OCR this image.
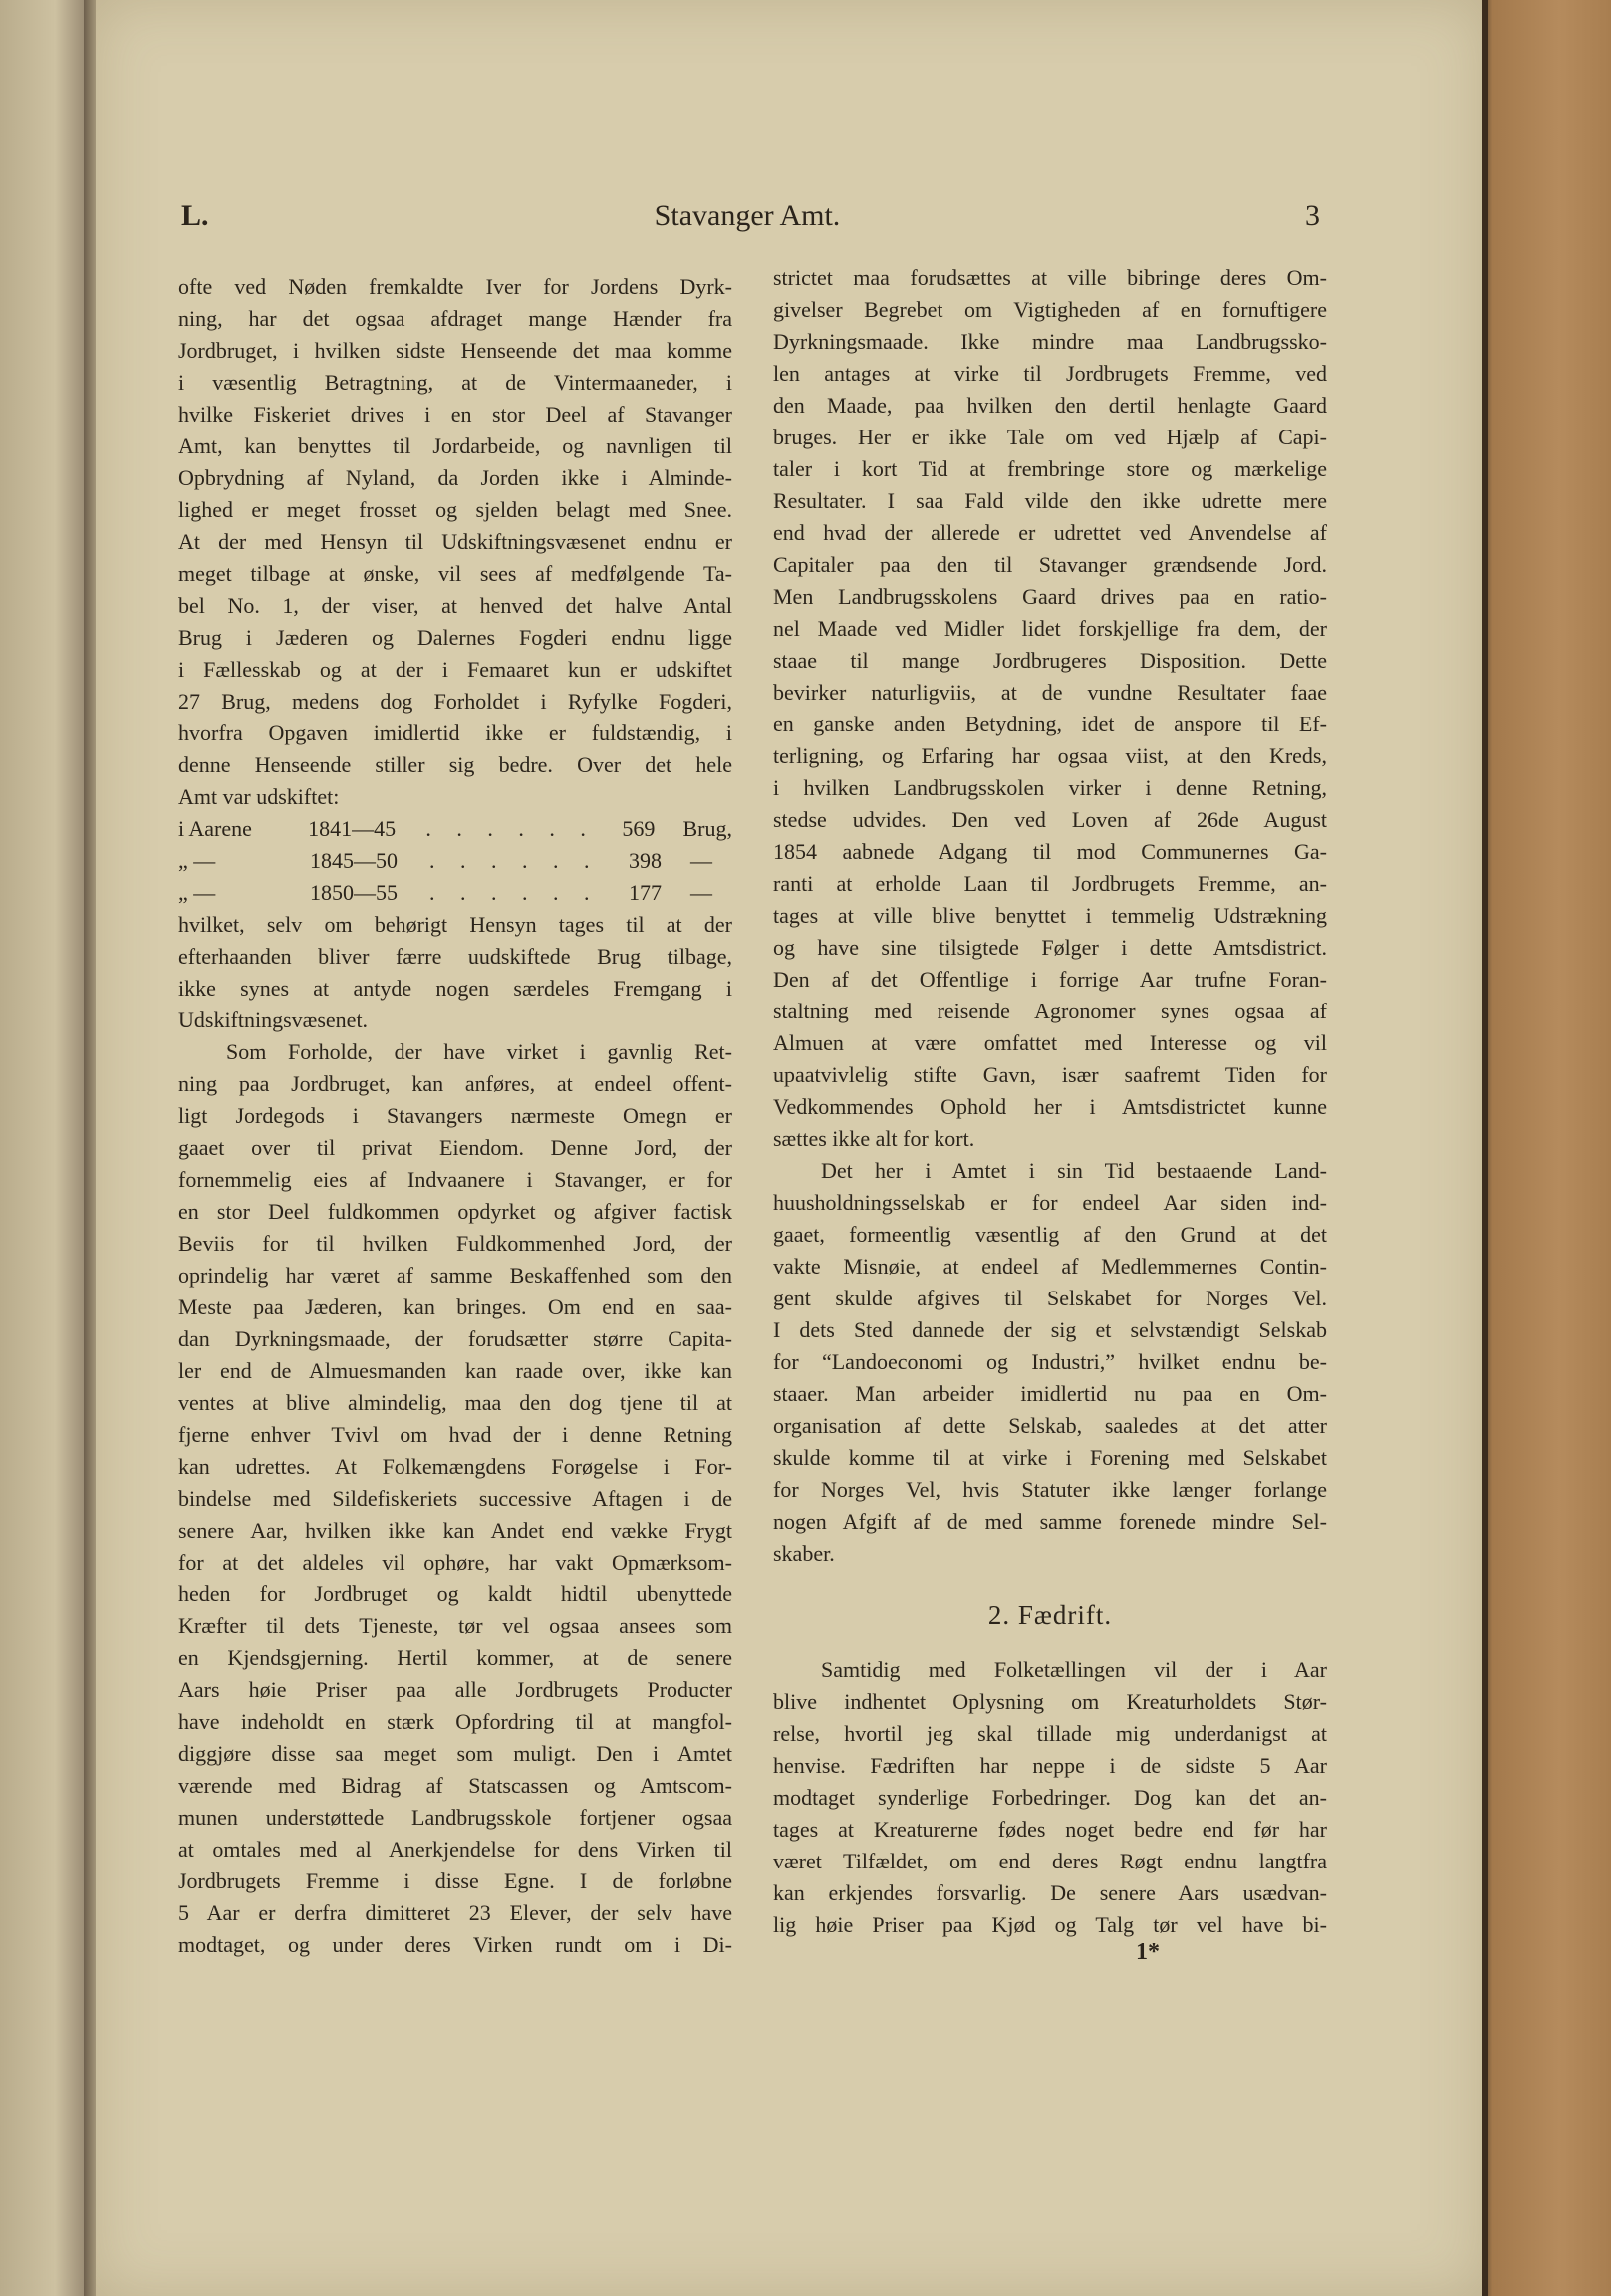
L.	Stavanger Amt.	3
ofte ved Nøden fremkaldte Iver for Jordens Dyrk-
ning, har det ogsaa afdraget mange Hænder fra
Jordbruget, i hvilken sidste Henseende det maa komme
i væsentlig Betragtning, at de Vintermaaneder, i
hvilke Fiskeriet drives i en stor Deel af Stavanger
Amt, kan benyttes til Jordarbeide, og navnligen til
Opbrydning af Nyland, da Jorden ikke i Alminde-
lighed er meget frosset og sjelden belagt med Snee.
At der med Hensyn til Udskiftningsvæsenet endnu er
meget tilbage at ønske, vil sees af medfølgende Ta-
bel No. 1, der viser, at henved det halve Antal
Brug i Jæderen og Dalernes Fogderi endnu ligge
i Fællesskab og at der i Femaaret kun er udskiftet
27 Brug, medens dog Forholdet i Ryfylke Fogderi,
hvorfra Opgaven imidlertid ikke er fuldstændig, i
denne Henseende stiller sig bedre. Over det hele
Amt var udskiftet:
i Aarene	1841—45	. . . . . .	569	Brug,
„ —	1845—50	. . . . . .	398	—
„ —	1850—55	. . . . . .	177	—
hvilket, selv om behørigt Hensyn tages til at der
efterhaanden bliver færre uudskiftede Brug tilbage,
ikke synes at antyde nogen særdeles Fremgang i
Udskiftningsvæsenet.
Som Forholde, der have virket i gavnlig Ret-
ning paa Jordbruget, kan anføres, at endeel offent-
ligt Jordegods i Stavangers nærmeste Omegn er
gaaet over til privat Eiendom. Denne Jord, der
fornemmelig eies af Indvaanere i Stavanger, er for
en stor Deel fuldkommen opdyrket og afgiver factisk
Beviis for til hvilken Fuldkommenhed Jord, der
oprindelig har været af samme Beskaffenhed som den
Meste paa Jæderen, kan bringes. Om end en saa-
dan Dyrkningsmaade, der forudsætter større Capita-
ler end de Almuesmanden kan raade over, ikke kan
ventes at blive almindelig, maa den dog tjene til at
fjerne enhver Tvivl om hvad der i denne Retning
kan udrettes. At Folkemængdens Forøgelse i For-
bindelse med Sildefiskeriets successive Aftagen i de
senere Aar, hvilken ikke kan Andet end vække Frygt
for at det aldeles vil ophøre, har vakt Opmærksom-
heden for Jordbruget og kaldt hidtil ubenyttede
Kræfter til dets Tjeneste, tør vel ogsaa ansees som
en Kjendsgjerning. Hertil kommer, at de senere
Aars høie Priser paa alle Jordbrugets Producter
have indeholdt en stærk Opfordring til at mangfol-
diggjøre disse saa meget som muligt. Den i Amtet
værende med Bidrag af Statscassen og Amtscom-
munen understøttede Landbrugsskole fortjener ogsaa
at omtales med al Anerkjendelse for dens Virken til
Jordbrugets Fremme i disse Egne. I de forløbne
5 Aar er derfra dimitteret 23 Elever, der selv have
modtaget, og under deres Virken rundt om i Di-
strictet maa forudsættes at ville bibringe deres Om-
givelser Begrebet om Vigtigheden af en fornuftigere
Dyrkningsmaade. Ikke mindre maa Landbrugssko-
len antages at virke til Jordbrugets Fremme, ved
den Maade, paa hvilken den dertil henlagte Gaard
bruges. Her er ikke Tale om ved Hjælp af Capi-
taler i kort Tid at frembringe store og mærkelige
Resultater. I saa Fald vilde den ikke udrette mere
end hvad der allerede er udrettet ved Anvendelse af
Capitaler paa den til Stavanger grændsende Jord.
Men Landbrugsskolens Gaard drives paa en ratio-
nel Maade ved Midler lidet forskjellige fra dem, der
staae til mange Jordbrugeres Disposition. Dette
bevirker naturligviis, at de vundne Resultater faae
en ganske anden Betydning, idet de anspore til Ef-
terligning, og Erfaring har ogsaa viist, at den Kreds,
i hvilken Landbrugsskolen virker i denne Retning,
stedse udvides. Den ved Loven af 26de August
1854 aabnede Adgang til mod Communernes Ga-
ranti at erholde Laan til Jordbrugets Fremme, an-
tages at ville blive benyttet i temmelig Udstrækning
og have sine tilsigtede Følger i dette Amtsdistrict.
Den af det Offentlige i forrige Aar trufne Foran-
staltning med reisende Agronomer synes ogsaa af
Almuen at være omfattet med Interesse og vil
upaatvivlelig stifte Gavn, især saafremt Tiden for
Vedkommendes Ophold her i Amtsdistrictet kunne
sættes ikke alt for kort.
Det her i Amtet i sin Tid bestaaende Land-
huusholdningsselskab er for endeel Aar siden ind-
gaaet, formeentlig væsentlig af den Grund at det
vakte Misnøie, at endeel af Medlemmernes Contin-
gent skulde afgives til Selskabet for Norges Vel.
I dets Sted dannede der sig et selvstændigt Selskab
for “Landoeconomi og Industri,” hvilket endnu be-
staaer. Man arbeider imidlertid nu paa en Om-
organisation af dette Selskab, saaledes at det atter
skulde komme til at virke i Forening med Selskabet
for Norges Vel, hvis Statuter ikke længer forlange
nogen Afgift af de med samme forenede mindre Sel-
skaber.
2. Fædrift.
Samtidig med Folketællingen vil der i Aar
blive indhentet Oplysning om Kreaturholdets Stør-
relse, hvortil jeg skal tillade mig underdanigst at
henvise. Fædriften har neppe i de sidste 5 Aar
modtaget synderlige Forbedringer. Dog kan det an-
tages at Kreaturerne fødes noget bedre end før har
været Tilfældet, om end deres Røgt endnu langtfra
kan erkjendes forsvarlig. De senere Aars usædvan-
lig høie Priser paa Kjød og Talg tør vel have bi-
1*
